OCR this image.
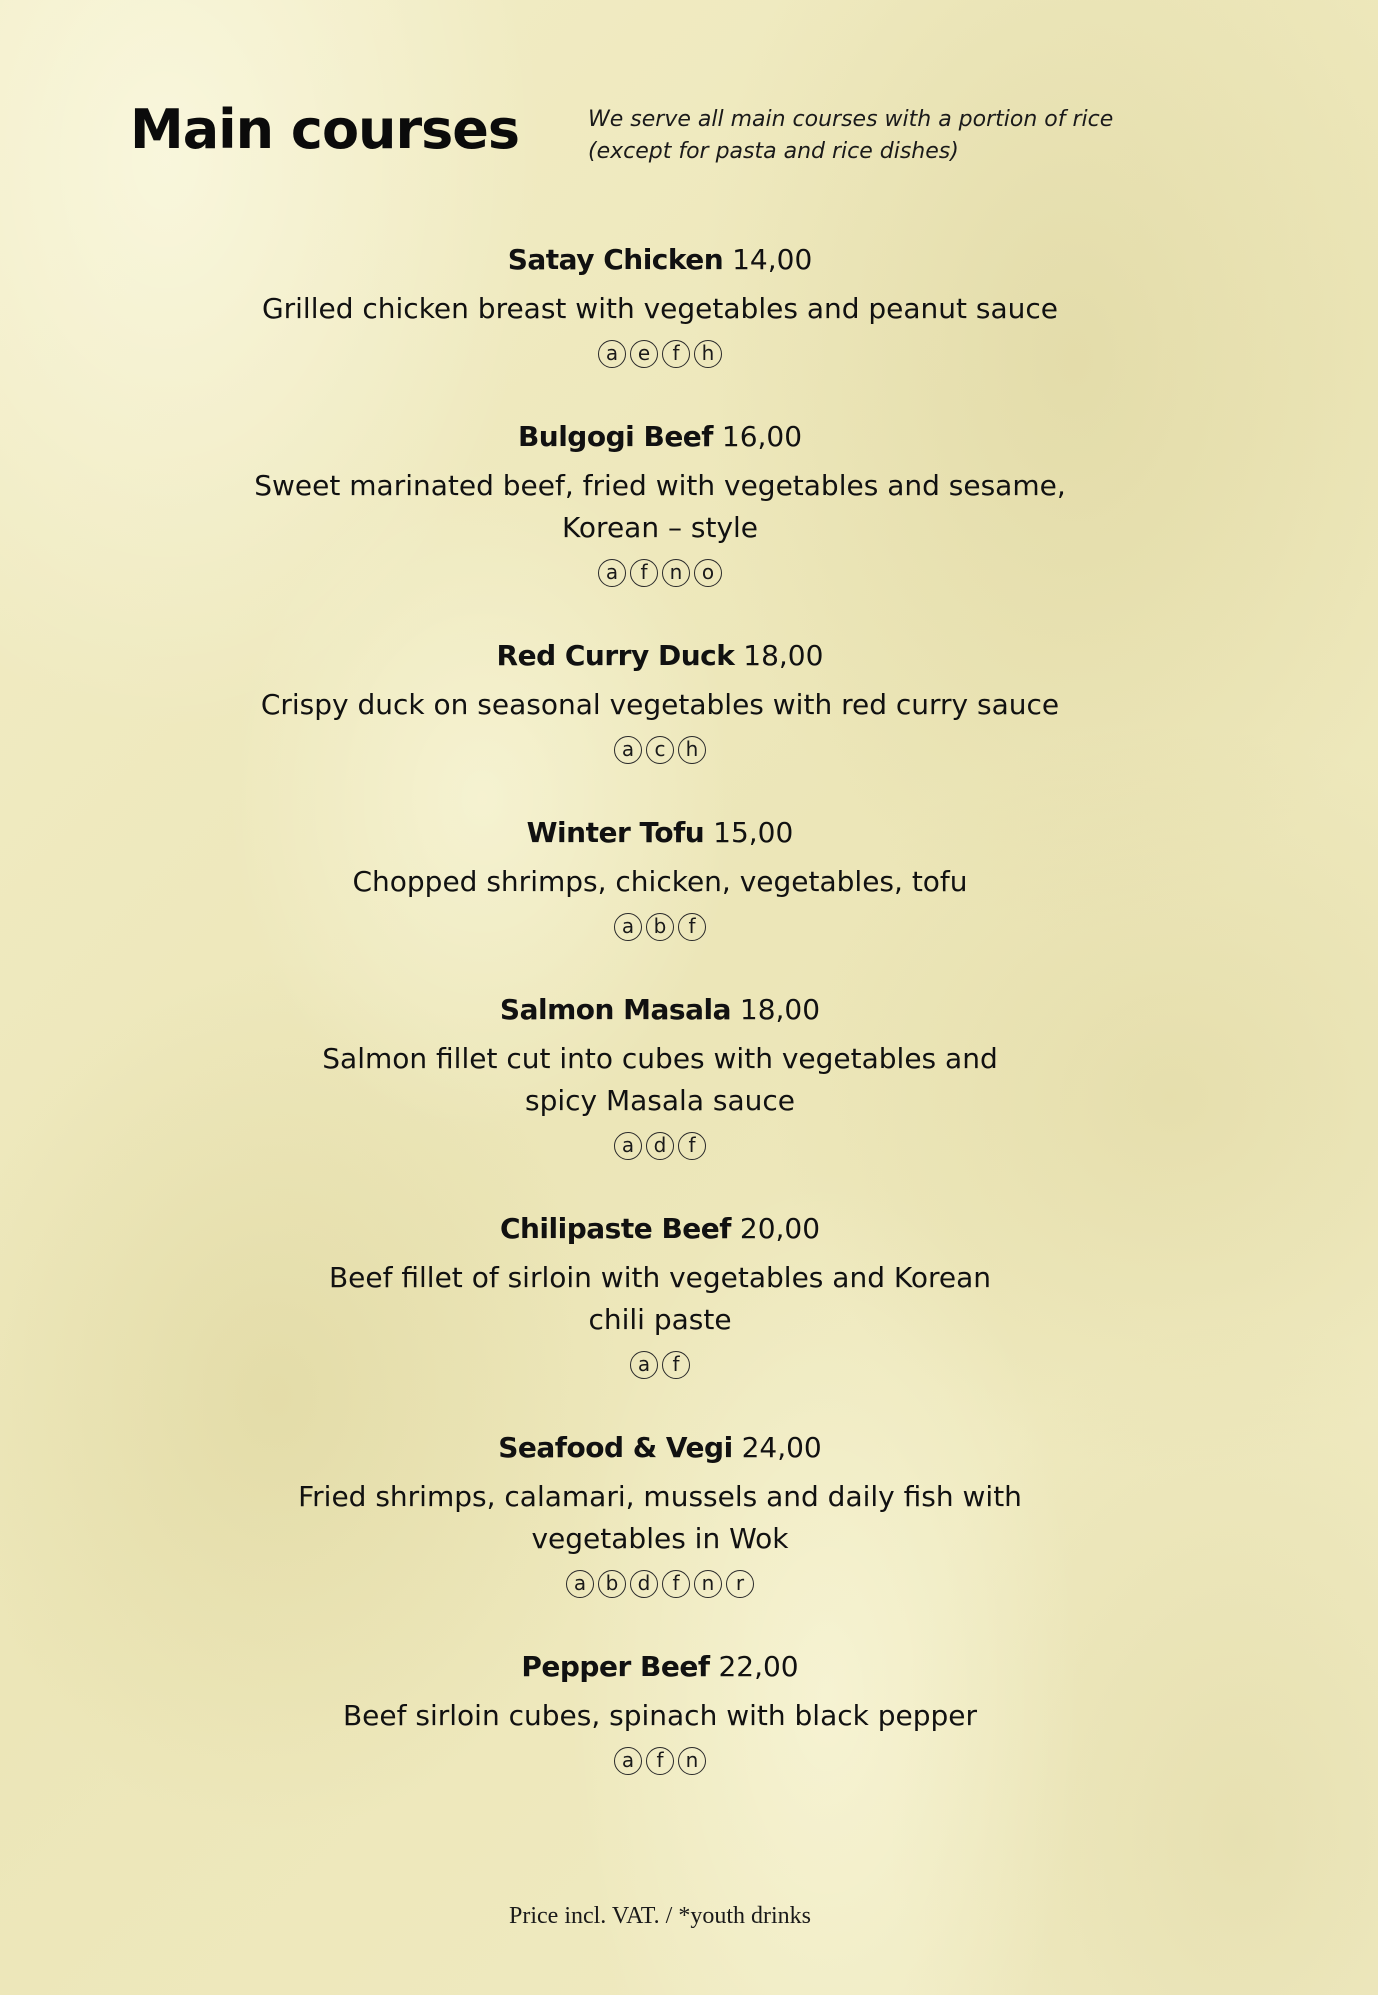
Main courses	We serve all main courses with a portion of rice
(except for pasta and rice dishes)
Satay Chicken 14,00
Grilled chicken breast with vegetables and peanut sauce
a e f h
Bulgogi Beef 16,00
Sweet marinated beef, fried with vegetables and sesame,
Korean – style
a f n o
Red Curry Duck 18,00
Crispy duck on seasonal vegetables with red curry sauce
a c h
Winter Tofu 15,00
Chopped shrimps, chicken, vegetables, tofu
a b f
Salmon Masala 18,00
Salmon fillet cut into cubes with vegetables and
spicy Masala sauce
a d f
Chilipaste Beef 20,00
Beef fillet of sirloin with vegetables and Korean
chili paste
a f
Seafood & Vegi 24,00
Fried shrimps, calamari, mussels and daily fish with
vegetables in Wok
a b d f n r
Pepper Beef 22,00
Beef sirloin cubes, spinach with black pepper
a f n
Price incl. VAT. / *youth drinks
